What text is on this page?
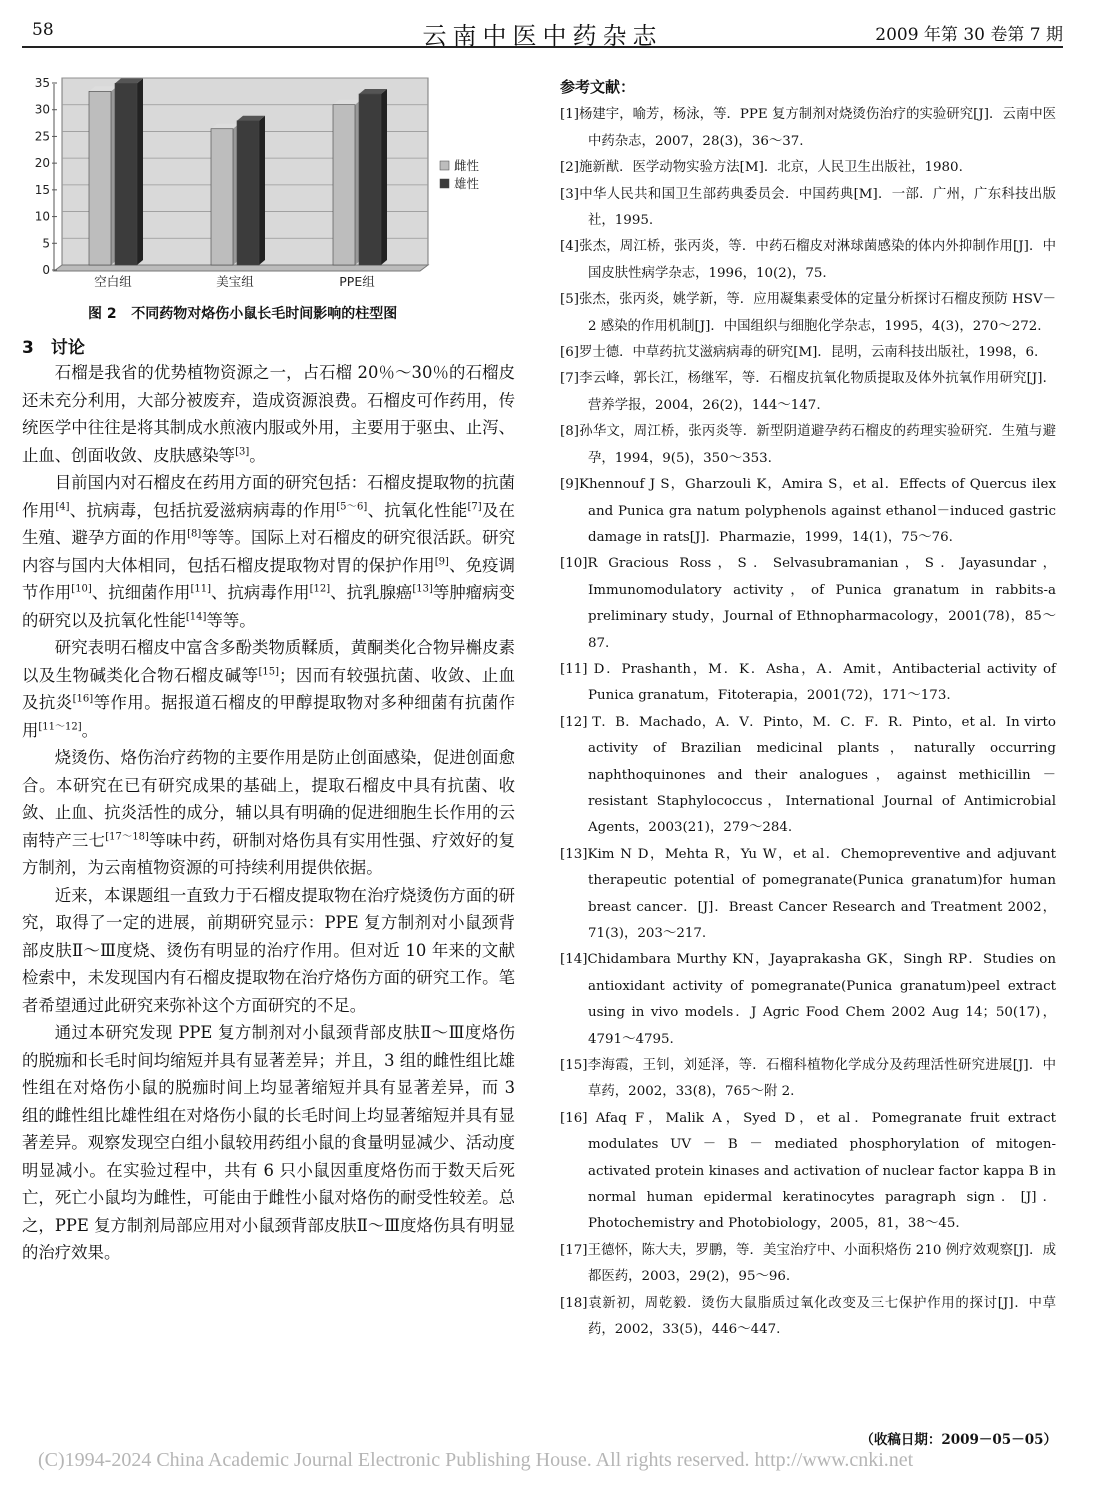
58	云南中医中药杂志	2009 年第 30 卷第 7 期
0
5
10
15
20
25
30
35
空白组	美宝组	PPE组
雌性
雄性
图 2 不同药物对烙伤小鼠长毛时间影响的柱型图
3　讨论

石榴是我省的优势植物资源之一，占石榴 20％～30％的石榴皮还未充分利用，大部分被废弃，造成资源浪费。石榴皮可作药用，传统医学中往往是将其制成水煎液内服或外用，主要用于驱虫、止泻、止血、创面收敛、皮肤感染等[3]。

目前国内对石榴皮在药用方面的研究包括：石榴皮提取物的抗菌作用[4]、抗病毒，包括抗爱滋病病毒的作用[5～6]、抗氧化性能[7]及在生殖、避孕方面的作用[8]等等。国际上对石榴皮的研究很活跃。研究内容与国内大体相同，包括石榴皮提取物对胃的保护作用[9]、免疫调节作用[10]、抗细菌作用[11]、抗病毒作用[12]、抗乳腺癌[13]等肿瘤病变的研究以及抗氧化性能[14]等等。

研究表明石榴皮中富含多酚类物质鞣质，黄酮类化合物异槲皮素以及生物碱类化合物石榴皮碱等[15]；因而有较强抗菌、收敛、止血及抗炎[16]等作用。据报道石榴皮的甲醇提取物对多种细菌有抗菌作用[11～12]。

烧烫伤、烙伤治疗药物的主要作用是防止创面感染，促进创面愈合。本研究在已有研究成果的基础上，提取石榴皮中具有抗菌、收敛、止血、抗炎活性的成分，辅以具有明确的促进细胞生长作用的云南特产三七[17～18]等味中药，研制对烙伤具有实用性强、疗效好的复方制剂，为云南植物资源的可持续利用提供依据。

近来，本课题组一直致力于石榴皮提取物在治疗烧烫伤方面的研究，取得了一定的进展，前期研究显示：PPE 复方制剂对小鼠颈背部皮肤Ⅱ～Ⅲ度烧、烫伤有明显的治疗作用。但对近 10 年来的文献检索中，未发现国内有石榴皮提取物在治疗烙伤方面的研究工作。笔者希望通过此研究来弥补这个方面研究的不足。

通过本研究发现 PPE 复方制剂对小鼠颈背部皮肤Ⅱ～Ⅲ度烙伤的脱痂和长毛时间均缩短并具有显著差异；并且，3 组的雌性组比雄性组在对烙伤小鼠的脱痂时间上均显著缩短并具有显著差异，而 3 组的雌性组比雄性组在对烙伤小鼠的长毛时间上均显著缩短并具有显著差异。观察发现空白组小鼠较用药组小鼠的食量明显减少、活动度明显减小。在实验过程中，共有 6 只小鼠因重度烙伤而于数天后死亡，死亡小鼠均为雌性，可能由于雌性小鼠对烙伤的耐受性较差。总之，PPE 复方制剂局部应用对小鼠颈背部皮肤Ⅱ～Ⅲ度烙伤具有明显的治疗效果。

参考文献：

[1]杨建宇，喻芳，杨泳，等．PPE 复方制剂对烧烫伤治疗的实验研究[J]．云南中医中药杂志，2007，28(3)，36～37.

[2]施新猷．医学动物实验方法[M]．北京，人民卫生出版社，1980.

[3]中华人民共和国卫生部药典委员会．中国药典[M]．一部．广州，广东科技出版社，1995.

[4]张杰，周江桥，张丙炎，等．中药石榴皮对淋球菌感染的体内外抑制作用[J]．中国皮肤性病学杂志，1996，10(2)，75.

[5]张杰，张丙炎，姚学新，等．应用凝集素受体的定量分析探讨石榴皮预防 HSV－2 感染的作用机制[J]．中国组织与细胞化学杂志，1995，4(3)，270～272.

[6]罗士德．中草药抗艾滋病病毒的研究[M]．昆明，云南科技出版社，1998，6.

[7]李云峰，郭长江，杨继军，等．石榴皮抗氧化物质提取及体外抗氧作用研究[J]．营养学报，2004，26(2)，144～147.

[8]孙华文，周江桥，张丙炎等．新型阴道避孕药石榴皮的药理实验研究．生殖与避孕，1994，9(5)，350～353.

[9]Khennouf J S，Gharzouli K，Amira S，et al．Effects of Quercus ilex and Punica gra natum polyphenols against ethanol－induced gastric damage in rats[J]．Pharmazie，1999，14(1)，75～76.

[10]R Gracious Ross，S．Selvasubramanian，S．Jayasundar，Immunomodulatory activity，of Punica granatum in rabbits-a preliminary study，Journal of Ethnopharmacology，2001(78)，85～87.

[11] D．Prashanth，M．K．Asha，A．Amit，Antibacterial activity of Punica granatum，Fitoterapia，2001(72)，171～173.

[12] T．B．Machado，A．V．Pinto，M．C．F．R．Pinto，et al．In virto activity of Brazilian medicinal plants，naturally occurring naphthoquinones and their analogues，against methicillin － resistant Staphylococcus，International Journal of Antimicrobial Agents，2003(21)，279～284.

[13]Kim N D，Mehta R，Yu W，et al．Chemopreventive and adjuvant therapeutic potential of pomegranate(Punica granatum)for human breast cancer．[J]．Breast Cancer Research and Treatment 2002，71(3)，203～217.

[14]Chidambara Murthy KN，Jayaprakasha GK，Singh RP．Studies on antioxidant activity of pomegranate(Punica granatum)peel extract using in vivo models．J Agric Food Chem 2002 Aug 14；50(17)，4791～4795.

[15]李海霞，王钊，刘延泽，等．石榴科植物化学成分及药理活性研究进展[J]．中草药，2002，33(8)，765～附 2.

[16] Afaq F，Malik A，Syed D，et al．Pomegranate fruit extract modulates UV － B － mediated phosphorylation of mitogen-activated protein kinases and activation of nuclear factor kappa B in normal human epidermal keratinocytes paragraph sign．[J]．Photochemistry and Photobiology，2005，81，38～45.

[17]王德怀，陈大夫，罗鹏，等．美宝治疗中、小面积烙伤 210 例疗效观察[J]．成都医药，2003，29(2)，95～96.

[18]袁新初，周乾毅．烫伤大鼠脂质过氧化改变及三七保护作用的探讨[J]．中草药，2002，33(5)，446～447.

（收稿日期：2009－05－05）
(C)1994-2024 China Academic Journal Electronic Publishing House. All rights reserved. http://www.cnki.net
